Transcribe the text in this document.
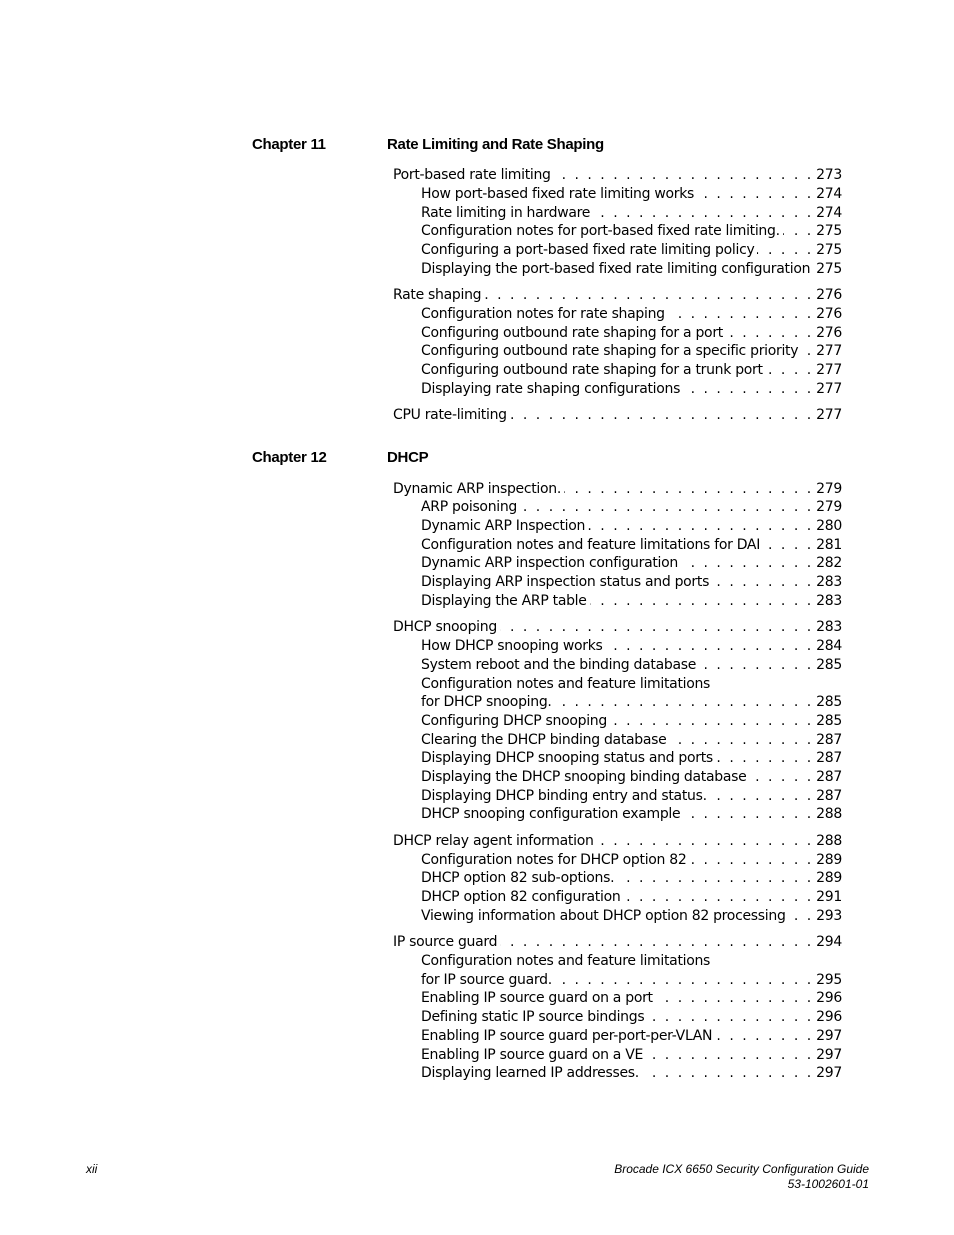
Chapter 11	Rate Limiting and Rate Shaping
Chapter 12	DHCP
Port-based rate limiting . . .	273
How port-based fixed rate limiting works . . .	274
Rate limiting in hardware . . .	274
Configuration notes for port-based fixed rate limiting. . . .	275
Configuring a port-based fixed rate limiting policy . . .	275
Displaying the port-based fixed rate limiting configuration . . . 275
Rate shaping . . .	276
Configuration notes for rate shaping . . .	276
Configuring outbound rate shaping for a port . . .	276
Configuring outbound rate shaping for a specific priority . . . 277
Configuring outbound rate shaping for a trunk port . . .	277
Displaying rate shaping configurations . . .	277
CPU rate-limiting . . .	277
Dynamic ARP inspection. . . .	279
ARP poisoning . . .	279
Dynamic ARP Inspection . . .	280
Configuration notes and feature limitations for DAI . . .	281
Dynamic ARP inspection configuration . . .	282
Displaying ARP inspection status and ports . . .	283
Displaying the ARP table . . .	283
DHCP snooping . . .	283
How DHCP snooping works . . .	284
System reboot and the binding database . . .	285
Configuration notes and feature limitations
for DHCP snooping. . . .	285
Configuring DHCP snooping . . .	285
Clearing the DHCP binding database . . .	287
Displaying DHCP snooping status and ports . . .	287
Displaying the DHCP snooping binding database . . .	287
Displaying DHCP binding entry and status. . . .	287
DHCP snooping configuration example . . .	288
DHCP relay agent information . . .	288
Configuration notes for DHCP option 82 . . .	289
DHCP option 82 sub-options. . . .	289
DHCP option 82 configuration . . .	291
Viewing information about DHCP option 82 processing . . . 293
IP source guard . . .	294
Configuration notes and feature limitations
for IP source guard. . . .	295
Enabling IP source guard on a port . . .	296
Defining static IP source bindings . . .	296
Enabling IP source guard per-port-per-VLAN . . .	297
Enabling IP source guard on a VE . . .	297
Displaying learned IP addresses. . . .	297
xii	Brocade ICX 6650 Security Configuration Guide
53-1002601-01
